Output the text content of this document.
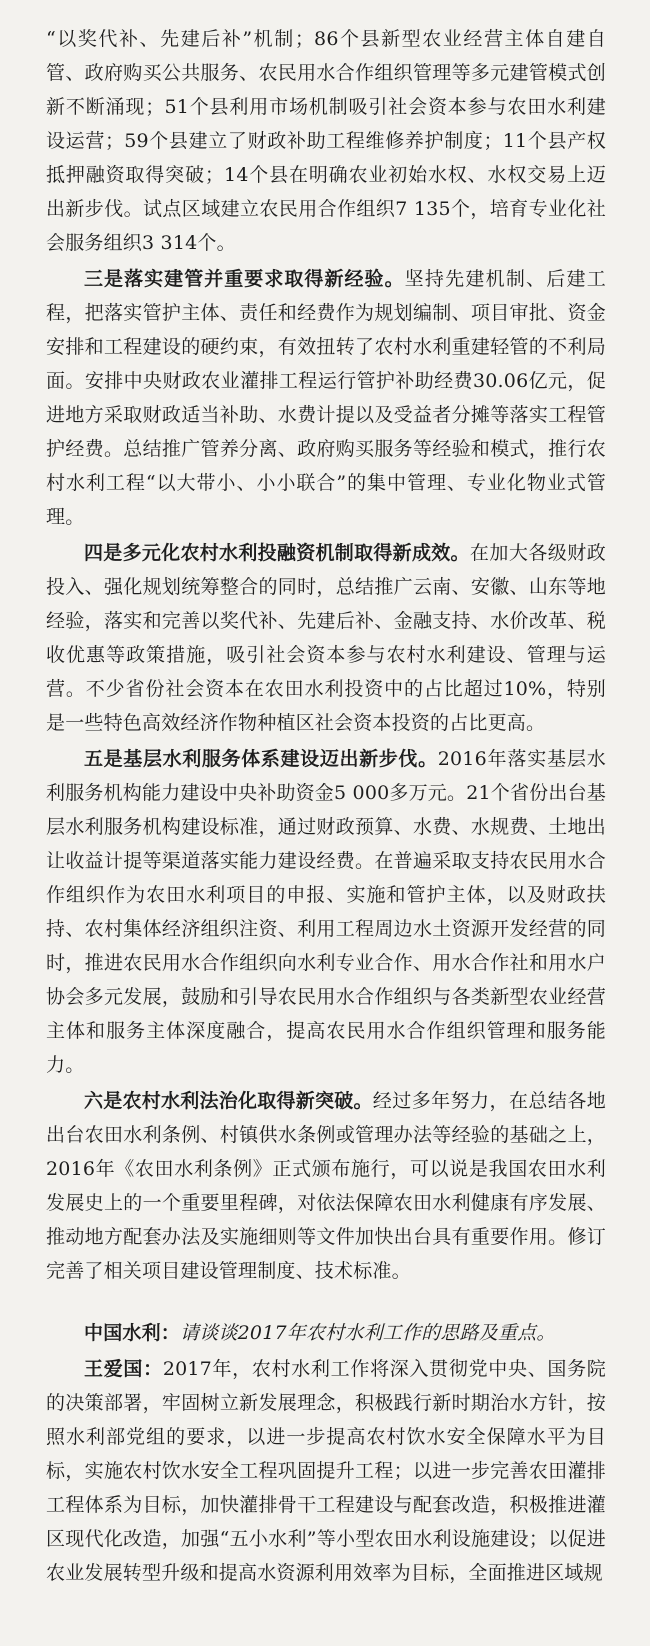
“以奖代补、先建后补”机制；86个县新型农业经营主体自建自管、政府购买公共服务、农民用水合作组织管理等多元建管模式创新不断涌现；51个县利用市场机制吸引社会资本参与农田水利建设运营；59个县建立了财政补助工程维修养护制度；11个县产权抵押融资取得突破；14个县在明确农业初始水权、水权交易上迈出新步伐。试点区域建立农民用合作组织7 135个，培育专业化社会服务组织3 314个。

三是落实建管并重要求取得新经验。坚持先建机制、后建工程，把落实管护主体、责任和经费作为规划编制、项目审批、资金安排和工程建设的硬约束，有效扭转了农村水利重建轻管的不利局面。安排中央财政农业灌排工程运行管护补助经费30.06亿元，促进地方采取财政适当补助、水费计提以及受益者分摊等落实工程管护经费。总结推广管养分离、政府购买服务等经验和模式，推行农村水利工程“以大带小、小小联合”的集中管理、专业化物业式管理。

四是多元化农村水利投融资机制取得新成效。在加大各级财政投入、强化规划统筹整合的同时，总结推广云南、安徽、山东等地经验，落实和完善以奖代补、先建后补、金融支持、水价改革、税收优惠等政策措施，吸引社会资本参与农村水利建设、管理与运营。不少省份社会资本在农田水利投资中的占比超过10%，特别是一些特色高效经济作物种植区社会资本投资的占比更高。

五是基层水利服务体系建设迈出新步伐。2016年落实基层水利服务机构能力建设中央补助资金5 000多万元。21个省份出台基层水利服务机构建设标准，通过财政预算、水费、水规费、土地出让收益计提等渠道落实能力建设经费。在普遍采取支持农民用水合作组织作为农田水利项目的申报、实施和管护主体，以及财政扶持、农村集体经济组织注资、利用工程周边水土资源开发经营的同时，推进农民用水合作组织向水利专业合作、用水合作社和用水户协会多元发展，鼓励和引导农民用水合作组织与各类新型农业经营主体和服务主体深度融合，提高农民用水合作组织管理和服务能力。

六是农村水利法治化取得新突破。经过多年努力，在总结各地出台农田水利条例、村镇供水条例或管理办法等经验的基础之上，2016年《农田水利条例》正式颁布施行，可以说是我国农田水利发展史上的一个重要里程碑，对依法保障农田水利健康有序发展、推动地方配套办法及实施细则等文件加快出台具有重要作用。修订完善了相关项目建设管理制度、技术标准。

中国水利：请谈谈2017年农村水利工作的思路及重点。

王爱国：2017年，农村水利工作将深入贯彻党中央、国务院的决策部署，牢固树立新发展理念，积极践行新时期治水方针，按照水利部党组的要求，以进一步提高农村饮水安全保障水平为目标，实施农村饮水安全工程巩固提升工程；以进一步完善农田灌排工程体系为目标，加快灌排骨干工程建设与配套改造，积极推进灌区现代化改造，加强“五小水利”等小型农田水利设施建设；以促进农业发展转型升级和提高水资源利用效率为目标，全面推进区域规
